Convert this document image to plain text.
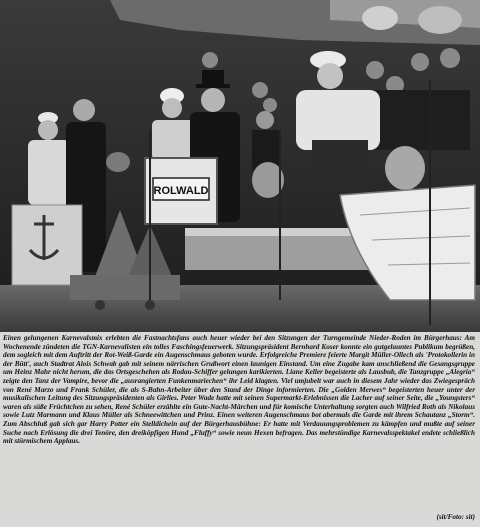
ROLWALD

Einen gelungenen Karnevalsmix erlebten die Fastnachtsfans auch heuer wieder bei den Sitzungen der Turngemeinde Nieder-Roden im Bürgerhaus: Am Wochenende zündeten die TGN-Karnevalisten ein tolles Faschingsfeuerwerk. Sitzungspräsident Bernhard Koser konnte ein gutgelauntes Publikum begrüßen, dem sogleich mit dem Auftritt der Rot-Weiß-Garde ein Augenschmaus geboten wurde. Erfolgreiche Premiere feierte Margit Müller-Ollech als 'Protokollerin in der Bütt', auch Stadtrat Alois Schwab gab mit seinem närrischen Grußwort einen launigen Einstand. Um eine Zugabe kam anschließend die Gesangsgruppe um Heinz Mahr nicht herum, die das Ortsgeschehen als Rodau-Schiffer gelungen karikierten. Liane Keller begeisterte als Lausbub, die Tanzgruppe „Alegria“ zeigte den Tanz der Vampire, bevor die „ausrangierten Funkenmariechen“ ihr Leid klagten. Viel umjubelt war auch in diesem Jahr wieder das Zwiegespräch von René Marzo und Frank Schüler, die als S-Bahn-Arbeiter über den Stand der Dinge informierten. Die „Golden Merwes“ begeisterten heuer unter der musikalischen Leitung des Sitzungspräsidenten als Girlies. Peter Wade hatte mit seinen Supermarkt-Erlebnissen die Lacher auf seiner Seite, die „Youngsters“ waren als süße Früchtchen zu sehen, René Schüler erzählte ein Gute-Nacht-Märchen und für komische Unterhaltung sorgten auch Wilfried Roth als Nikolaus sowie Lutz Marmann und Klaus Müller als Schneewittchen und Prinz. Einen weiteren Augenschmaus bot abermals die Garde mit ihrem Schautanz „Storm“. Zum Abschluß gab sich gar Harry Potter ein Stelldichein auf der Bürgerhausbühne: Er hatte mit Verdauungsproblemen zu kämpfen und mußte auf seiner Suche nach Erlösung die drei Tenöre, den dreiköpfigen Hund „Fluffy“ sowie neun Hexen befragen. Das mehrstündige Karnevalsspektakel endete schließlich mit stürmischem Applaus.

(sit/Foto: sit)
